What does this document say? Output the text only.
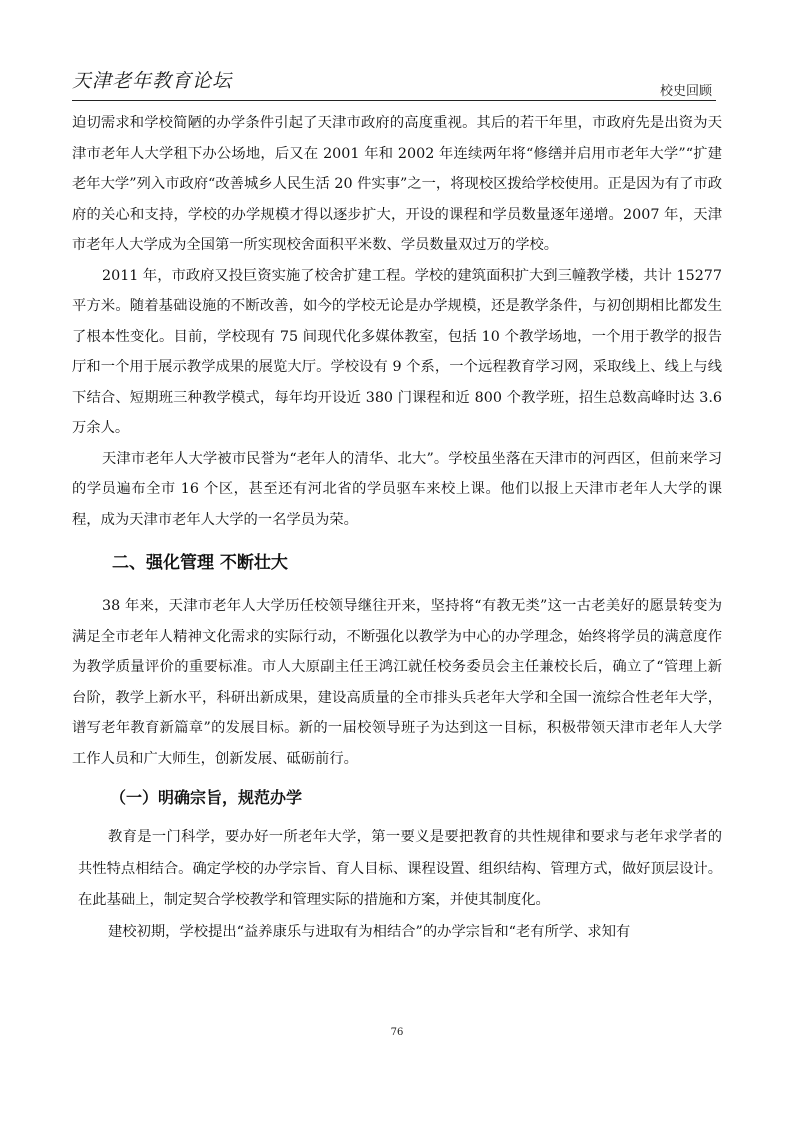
天津老年教育论坛	校史回顾

迫切需求和学校简陋的办学条件引起了天津市政府的高度重视。其后的若干年里，市政府先是出资为天津市老年人大学租下办公场地，后又在 2001 年和 2002 年连续两年将“修缮并启用市老年大学”“扩建老年大学”列入市政府“改善城乡人民生活 20 件实事”之一，将现校区拨给学校使用。正是因为有了市政府的关心和支持，学校的办学规模才得以逐步扩大，开设的课程和学员数量逐年递增。2007 年，天津市老年人大学成为全国第一所实现校舍面积平米数、学员数量双过万的学校。

2011 年，市政府又投巨资实施了校舍扩建工程。学校的建筑面积扩大到三幢教学楼，共计 15277 平方米。随着基础设施的不断改善，如今的学校无论是办学规模，还是教学条件，与初创期相比都发生了根本性变化。目前，学校现有 75 间现代化多媒体教室，包括 10 个教学场地，一个用于教学的报告厅和一个用于展示教学成果的展览大厅。学校设有 9 个系，一个远程教育学习网，采取线上、线上与线下结合、短期班三种教学模式，每年均开设近 380 门课程和近 800 个教学班，招生总数高峰时达 3.6 万余人。

天津市老年人大学被市民誉为“老年人的清华、北大”。学校虽坐落在天津市的河西区，但前来学习的学员遍布全市 16 个区，甚至还有河北省的学员驱车来校上课。他们以报上天津市老年人大学的课程，成为天津市老年人大学的一名学员为荣。

二、强化管理 不断壮大

38 年来，天津市老年人大学历任校领导继往开来，坚持将“有教无类”这一古老美好的愿景转变为满足全市老年人精神文化需求的实际行动，不断强化以教学为中心的办学理念，始终将学员的满意度作为教学质量评价的重要标准。市人大原副主任王鸿江就任校务委员会主任兼校长后，确立了“管理上新台阶，教学上新水平，科研出新成果，建设高质量的全市排头兵老年大学和全国一流综合性老年大学，谱写老年教育新篇章”的发展目标。新的一届校领导班子为达到这一目标，积极带领天津市老年人大学工作人员和广大师生，创新发展、砥砺前行。

（一）明确宗旨，规范办学

教育是一门科学，要办好一所老年大学，第一要义是要把教育的共性规律和要求与老年求学者的共性特点相结合。确定学校的办学宗旨、育人目标、课程设置、组织结构、管理方式，做好顶层设计。在此基础上，制定契合学校教学和管理实际的措施和方案，并使其制度化。

建校初期，学校提出“益养康乐与进取有为相结合”的办学宗旨和“老有所学、求知有

76
